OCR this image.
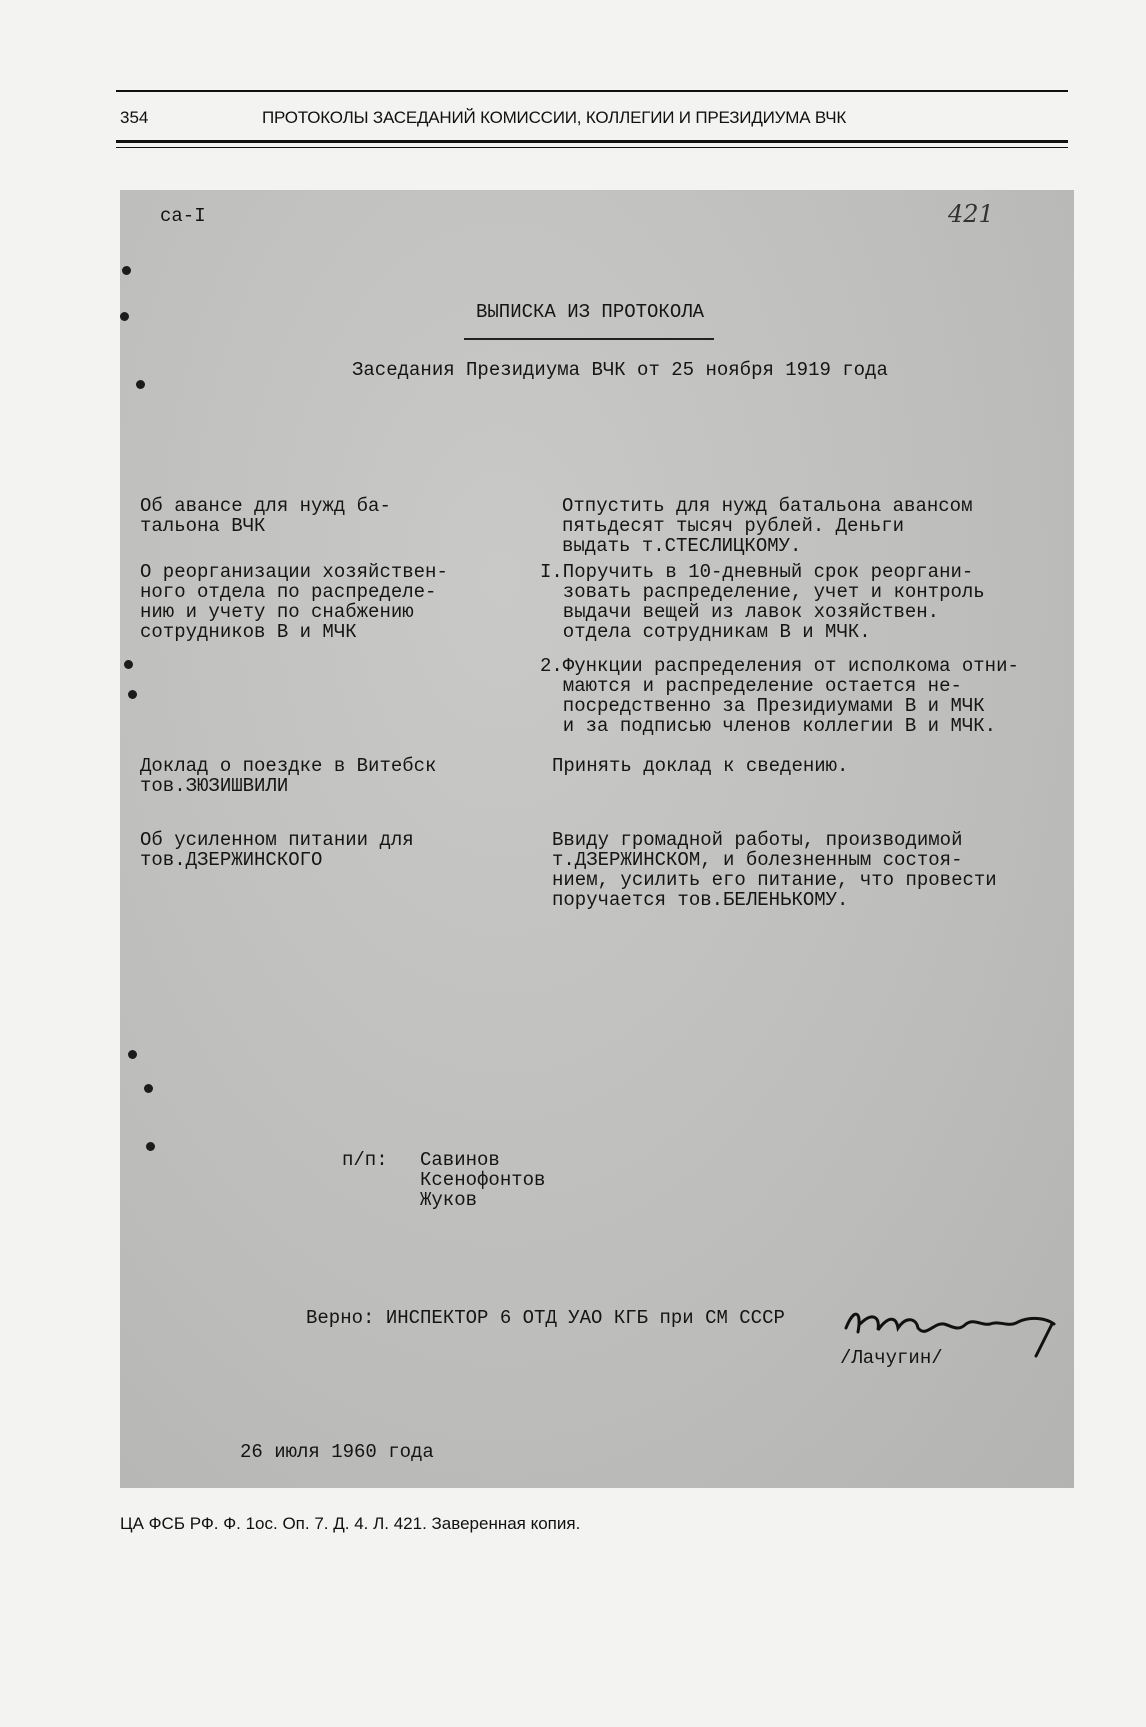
354	ПРОТОКОЛЫ ЗАСЕДАНИЙ КОМИССИИ, КОЛЛЕГИИ И ПРЕЗИДИУМА ВЧК
са-I	421
ВЫПИСКА ИЗ ПРОТОКОЛА
Заседания Президиума ВЧК от 25 ноября 1919 года
Об авансе для нужд ба-
тальона ВЧК
Отпустить для нужд батальона авансом
пятьдесят тысяч рублей. Деньги
выдать т.СТЕСЛИЦКОМУ.
О реорганизации хозяйствен-
ного отдела по распределе-
нию и учету по снабжению
сотрудников В и МЧК
I.Поручить в 10-дневный срок реоргани-
зовать распределение, учет и контроль
выдачи вещей из лавок хозяйствен.
отдела сотрудникам В и МЧК.
2.Функции распределения от исполкома отни-
маются и распределение остается не-
посредственно за Президиумами В и МЧК
и за подписью членов коллегии В и МЧК.
Доклад о поездке в Витебск
тов.ЗЮЗИШВИЛИ
Принять доклад к сведению.
Об усиленном питании для
тов.ДЗЕРЖИНСКОГО
Ввиду громадной работы, производимой
т.ДЗЕРЖИНСКОМ, и болезненным состоя-
нием, усилить его питание, что провести
поручается тов.БЕЛЕНЬКОМУ.
п/п: Савинов
Ксенофонтов
Жуков
Верно: ИНСПЕКТОР 6 ОТД УАО КГБ при СМ СССР
/Лачугин/
26 июля 1960 года
ЦА ФСБ РФ. Ф. 1ос. Оп. 7. Д. 4. Л. 421. Заверенная копия.
